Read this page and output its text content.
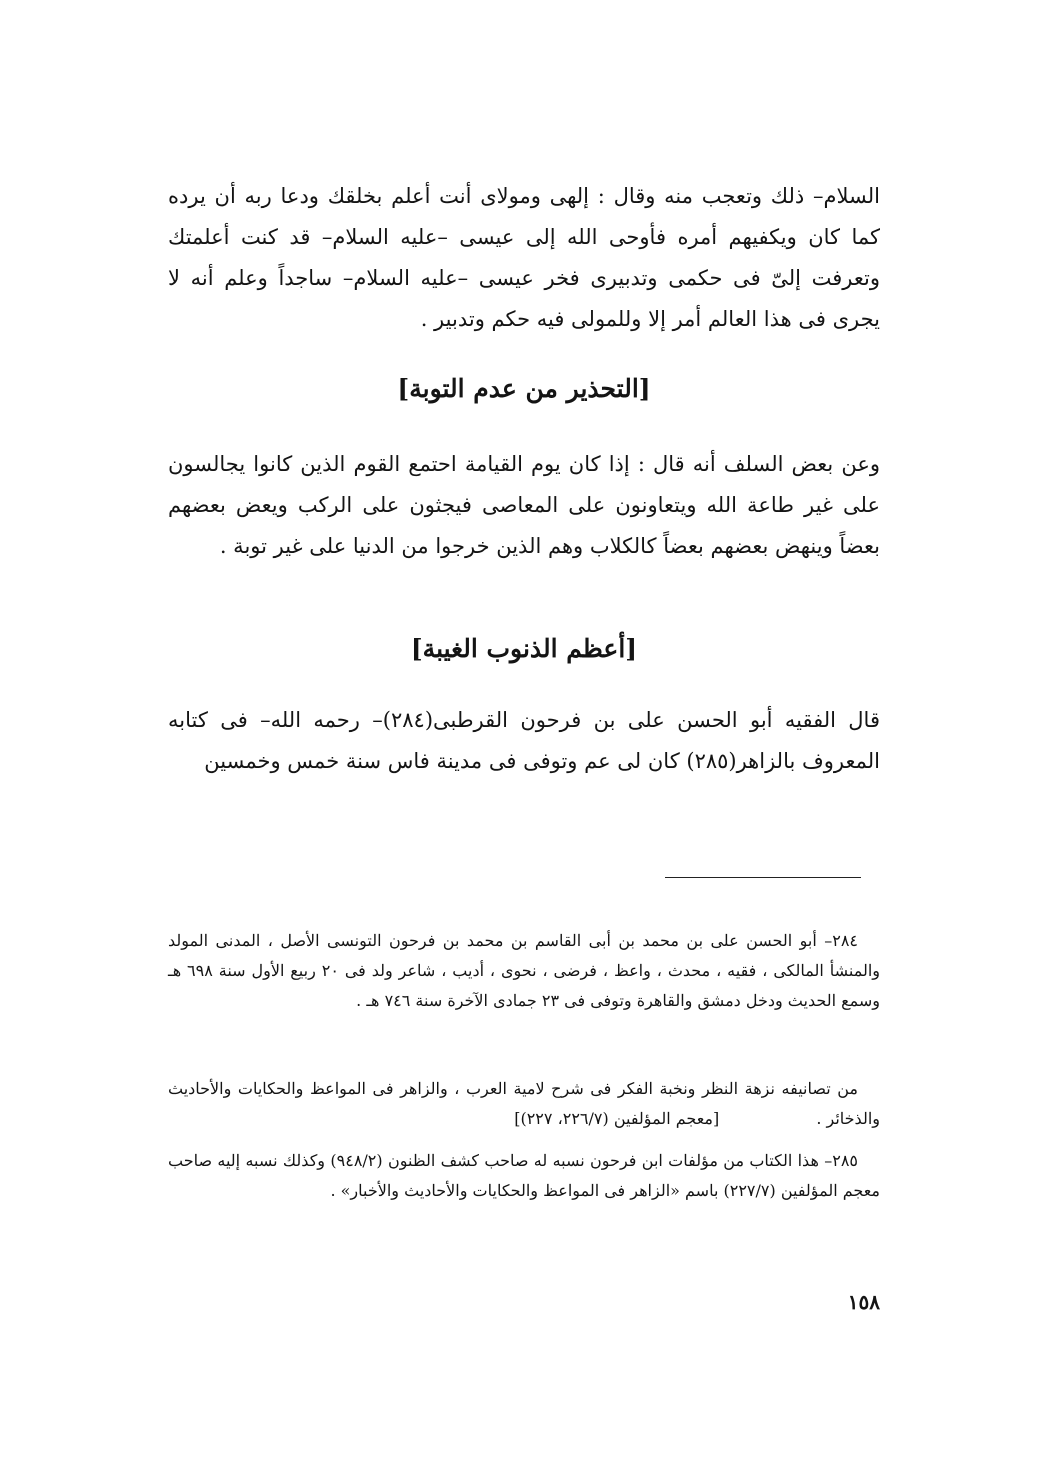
السلام– ذلك وتعجب منه وقال : إلهى ومولاى أنت أعلم بخلقك ودعا ربه أن يرده كما كان ويكفيهم أمره فأوحى الله إلى عيسى –عليه السلام– قد كنت أعلمتك وتعرفت إلىّ فى حكمى وتدبيرى فخر عيسى –عليه السلام– ساجداً وعلم أنه لا يجرى فى هذا العالم أمر إلا وللمولى فيه حكم وتدبير .

[التحذير من عدم التوبة]

وعن بعض السلف أنه قال : إذا كان يوم القيامة احتمع القوم الذين كانوا يجالسون على غير طاعة الله ويتعاونون على المعاصى فيجثون على الركب ويعض بعضهم بعضاً وينهض بعضهم بعضاً كالكلاب وهم الذين خرجوا من الدنيا على غير توبة .

[أعظم الذنوب الغيبة]

قال الفقيه أبو الحسن على بن فرحون القرطبى(٢٨٤)– رحمه الله– فى كتابه المعروف بالزاهر(٢٨٥) كان لى عم وتوفى فى مدينة فاس سنة خمس وخمسين

٢٨٤– أبو الحسن على بن محمد بن أبى القاسم بن محمد بن فرحون التونسى الأصل ، المدنى المولد والمنشأ المالكى ، فقيه ، محدث ، واعظ ، فرضى ، نحوى ، أديب ، شاعر ولد فى ٢٠ ربيع الأول سنة ٦٩٨ هـ وسمع الحديث ودخل دمشق والقاهرة وتوفى فى ٢٣ جمادى الآخرة سنة ٧٤٦ هـ .

من تصانيفه نزهة النظر ونخبة الفكر فى شرح لامية العرب ، والزاهر فى المواعظ والحكايات والأحاديث والذخائر . [معجم المؤلفين (٢٢٦/٧، ٢٢٧)]

٢٨٥– هذا الكتاب من مؤلفات ابن فرحون نسبه له صاحب كشف الظنون (٩٤٨/٢) وكذلك نسبه إليه صاحب معجم المؤلفين (٢٢٧/٧) باسم «الزاهر فى المواعظ والحكايات والأحاديث والأخبار» .

١٥٨
